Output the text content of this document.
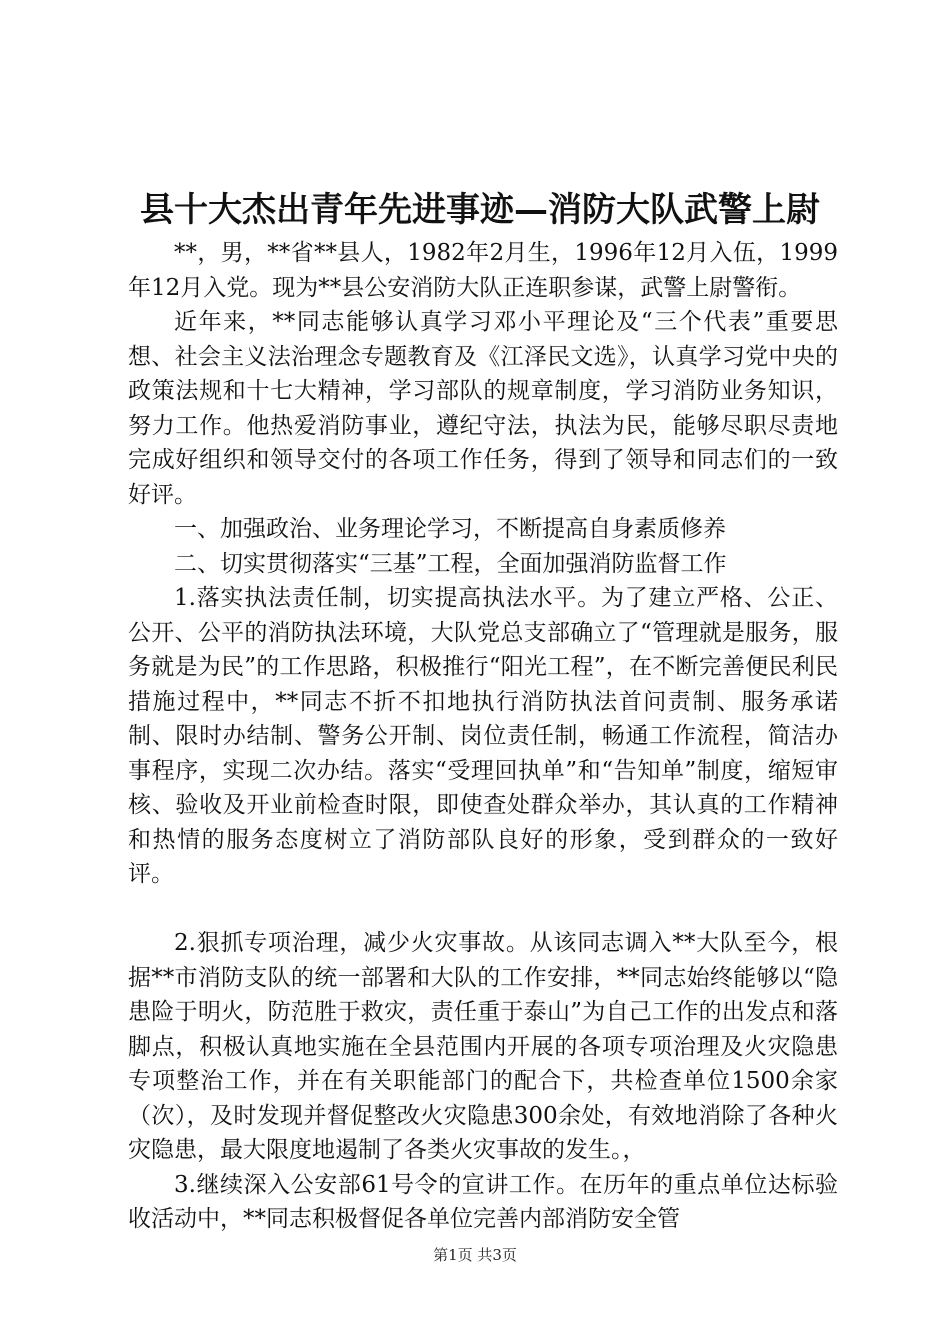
县十大杰出青年先进事迹—消防大队武警上尉

**，男，**省**县人，1982年2月生，1996年12月入伍，1999年12月入党。现为**县公安消防大队正连职参谋，武警上尉警衔。

近年来，**同志能够认真学习邓小平理论及“三个代表”重要思想、社会主义法治理念专题教育及《江泽民文选》，认真学习党中央的政策法规和十七大精神，学习部队的规章制度，学习消防业务知识，努力工作。他热爱消防事业，遵纪守法，执法为民，能够尽职尽责地完成好组织和领导交付的各项工作任务，得到了领导和同志们的一致好评。

一、加强政治、业务理论学习，不断提高自身素质修养

二、切实贯彻落实“三基”工程，全面加强消防监督工作

1.落实执法责任制，切实提高执法水平。为了建立严格、公正、公开、公平的消防执法环境，大队党总支部确立了“管理就是服务，服务就是为民”的工作思路，积极推行“阳光工程”，在不断完善便民利民措施过程中，**同志不折不扣地执行消防执法首问责制、服务承诺制、限时办结制、警务公开制、岗位责任制，畅通工作流程，简洁办事程序，实现二次办结。落实“受理回执单”和“告知单”制度，缩短审核、验收及开业前检查时限，即使查处群众举办，其认真的工作精神和热情的服务态度树立了消防部队良好的形象，受到群众的一致好评。

2.狠抓专项治理，减少火灾事故。从该同志调入**大队至今，根据**市消防支队的统一部署和大队的工作安排，**同志始终能够以“隐患险于明火，防范胜于救灾，责任重于泰山”为自己工作的出发点和落脚点，积极认真地实施在全县范围内开展的各项专项治理及火灾隐患专项整治工作，并在有关职能部门的配合下，共检查单位1500余家（次），及时发现并督促整改火灾隐患300余处，有效地消除了各种火灾隐患，最大限度地遏制了各类火灾事故的发生。，

3.继续深入公安部61号令的宣讲工作。在历年的重点单位达标验收活动中，**同志积极督促各单位完善内部消防安全管

第1页 共3页
